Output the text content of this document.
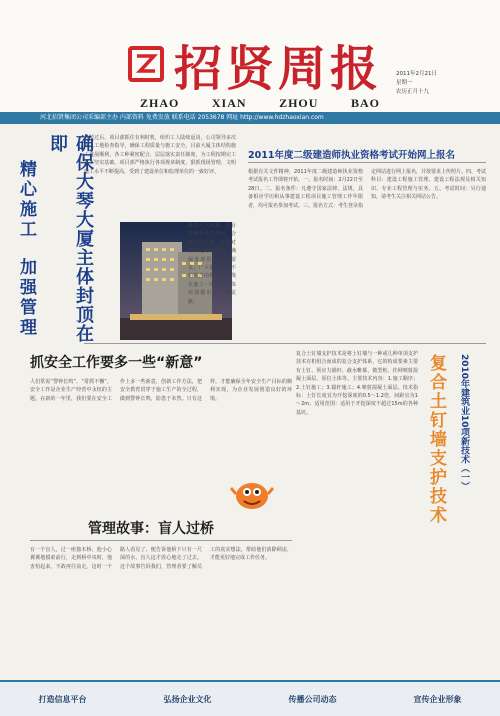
招贤周报
ZHAO	XIAN	ZHOU	BAO
2011年2月21日
星期一
农历正月十九
河北招贤集团公司采编部主办 内部资料 免费发放 联系电话 2053678 网址 http://www.hdzhaoxian.com
确保大琴大厦主体封顶在即
精心施工  加强管理
春节过后，项目部抓住有利时机，组织工人陆续返岗，公司领导多次深入工地检查指导，确保工程质量与施工安全。目前大厦主体结构施工进展顺利，各工种紧密配合，层层落实责任制度，为工程按期完工打下坚实基础。项目部严格执行各项规章制度，狠抓现场管理，文明施工水平不断提高，受到了建设单位和监理单位的一致好评。
随着天气转暖，项目部调整作息时间，合理安排工序，加强对材料进场的检验，确保各项指标符合要求。广大职工发扬不怕吃苦的精神，奋战在施工一线，为主体封顶做出了积极贡献。
2011年度二级建造师执业资格考试开始网上报名
根据有关文件精神，2011年度二级建造师执业资格考试报名工作即将开始。一、报名时间：2月22日至28日。二、报名条件：凡遵守国家法律、法规，具备相应学历和从事建设工程项目施工管理工作年限者，均可报名参加考试。三、报名方式：考生登录指定网站进行网上报名，并按要求上传照片。四、考试科目：建设工程施工管理、建设工程法规及相关知识、专业工程管理与实务。五、考试时间：另行通知，请考生关注相关网站公告。
抓安全工作要多一些“新意”
人们常说“警钟长鸣”、“常抓不懈”，安全工作是企业生产经营中永恒的主题。在新的一年里，我们要在安全工作上多一些新意，创新工作方法，把安全教育贯穿于施工生产的全过程，做到警钟长鸣，防患于未然。只有这样，才能确保全年安全生产目标的顺利实现，为企业发展创造良好的环境。
管理故事：盲人过桥
有一个盲人，过一座独木桥，他小心翼翼地摸索前行，走到桥中央时，他害怕起来，不敢再往前走。这时一个路人看见了，便告诉他桥下只有一尺深的水，盲人这才放心地走了过去。这个故事告诉我们，管理者要了解员工的真实想法，帮助他们消除顾虑，才能更好地完成工作任务。
复合土钉墙支护技术是将土钉墙与一种或几种单项支护技术有机组合而成的复合支护体系，它的构成要素主要有土钉、预应力锚杆、截水帷幕、微型桩、挂网喷射混凝土面层、原位土体等。主要技术内容：1.施工顺序；2.土钉施工；3.锚杆施工；4.喷射混凝土面层。技术指标：土钉长度宜为开挖深度的0.5～1.2倍，间距宜为1～2m。适用范围：适用于开挖深度不超过15m的各种基坑。	复合土钉墙支护技术	2010年建筑业10项新技术（一）
打造信息平台	弘扬企业文化	传播公司动态	宣传企业形象
